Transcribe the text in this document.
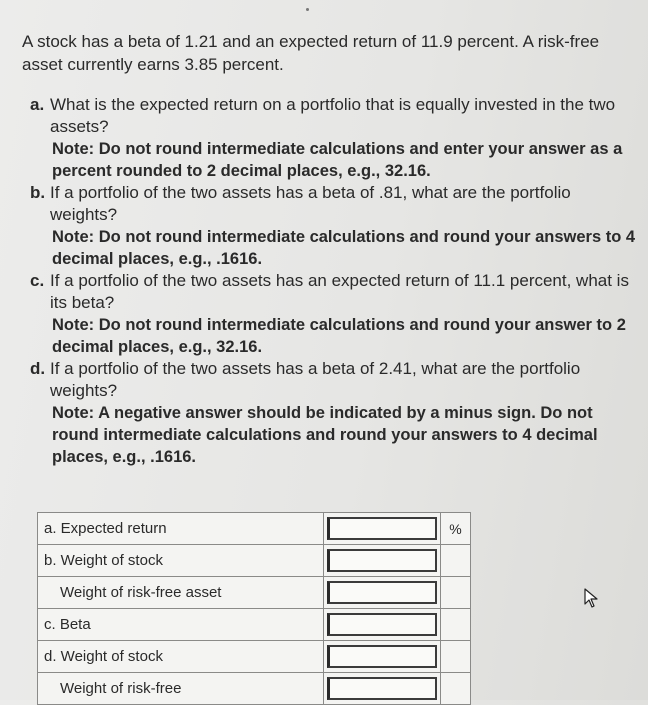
A stock has a beta of 1.21 and an expected return of 11.9 percent. A risk-free asset currently earns 3.85 percent.

a. What is the expected return on a portfolio that is equally invested in the two assets?

Note: Do not round intermediate calculations and enter your answer as a percent rounded to 2 decimal places, e.g., 32.16.

b. If a portfolio of the two assets has a beta of .81, what are the portfolio weights?

Note: Do not round intermediate calculations and round your answers to 4 decimal places, e.g., .1616.

c. If a portfolio of the two assets has an expected return of 11.1 percent, what is its beta?

Note: Do not round intermediate calculations and round your answer to 2 decimal places, e.g., 32.16.

d. If a portfolio of the two assets has a beta of 2.41, what are the portfolio weights?

Note: A negative answer should be indicated by a minus sign. Do not round intermediate calculations and round your answers to 4 decimal places, e.g., .1616.

a. Expected return		%
b. Weight of stock	

Weight of risk-free asset	

c. Beta	

d. Weight of stock	

Weight of risk-free	
